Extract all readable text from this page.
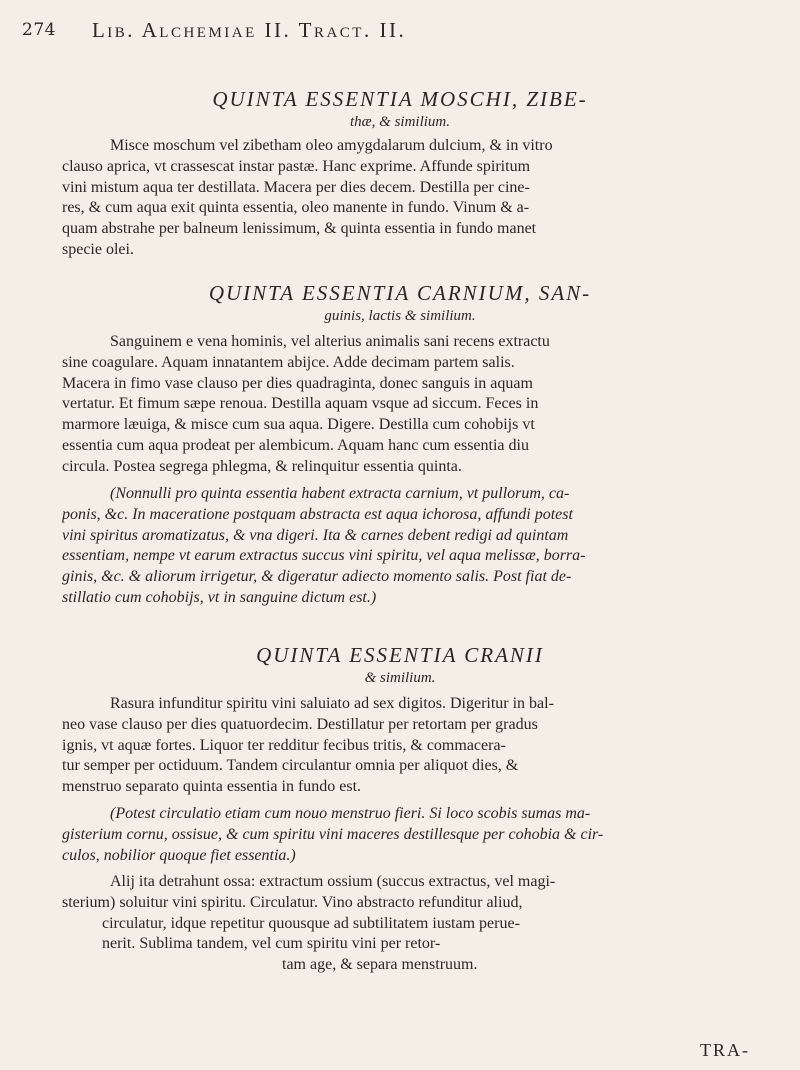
274 Lib. Alchemiae II. Tract. II.
QUINTA ESSENTIA MOSCHI, ZIBE-
thæ, & similium.
Misce moschum vel zibetham oleo amygdalarum dulcium, & in vitro
clauso aprica, vt crassescat instar pastæ. Hanc exprime. Affunde spiritum
vini mistum aqua ter destillata. Macera per dies decem. Destilla per cine-
res, & cum aqua exit quinta essentia, oleo manente in fundo. Vinum & a-
quam abstrahe per balneum lenissimum, & quinta essentia in fundo manet
specie olei.
QUINTA ESSENTIA CARNIUM, SAN-
guinis, lactis & similium.
Sanguinem e vena hominis, vel alterius animalis sani recens extractu
sine coagulare. Aquam innatantem abijce. Adde decimam partem salis.
Macera in fimo vase clauso per dies quadraginta, donec sanguis in aquam
vertatur. Et fimum sæpe renoua. Destilla aquam vsque ad siccum. Feces in
marmore læuiga, & misce cum sua aqua. Digere. Destilla cum cohobijs vt
essentia cum aqua prodeat per alembicum. Aquam hanc cum essentia diu
circula. Postea segrega phlegma, & relinquitur essentia quinta.
(Nonnulli pro quinta essentia habent extracta carnium, vt pullorum, ca-
ponis, &c. In maceratione postquam abstracta est aqua ichorosa, affundi potest
vini spiritus aromatizatus, & vna digeri. Ita & carnes debent redigi ad quintam
essentiam, nempe vt earum extractus succus vini spiritu, vel aqua melissæ, borra-
ginis, &c. & aliorum irrigetur, & digeratur adiecto momento salis. Post fiat de-
stillatio cum cohobijs, vt in sanguine dictum est.)
QUINTA ESSENTIA CRANII
& similium.
Rasura infunditur spiritu vini saluiato ad sex digitos. Digeritur in bal-
neo vase clauso per dies quatuordecim. Destillatur per retortam per gradus
ignis, vt aquæ fortes. Liquor ter redditur fecibus tritis, & commacera-
tur semper per octiduum. Tandem circulantur omnia per aliquot dies, &
menstruo separato quinta essentia in fundo est.
(Potest circulatio etiam cum nouo menstruo fieri. Si loco scobis sumas ma-
gisterium cornu, ossisue, & cum spiritu vini maceres destillesque per cohobia & cir-
culos, nobilior quoque fiet essentia.)
Alij ita detrahunt ossa: extractum ossium (succus extractus, vel magi-
sterium) soluitur vini spiritu. Circulatur. Vino abstracto refunditur aliud,
circulatur, idque repetitur quousque ad subtilitatem iustam perue-
nerit. Sublima tandem, vel cum spiritu vini per retor-
tam age, & separa menstruum.
TRA-
